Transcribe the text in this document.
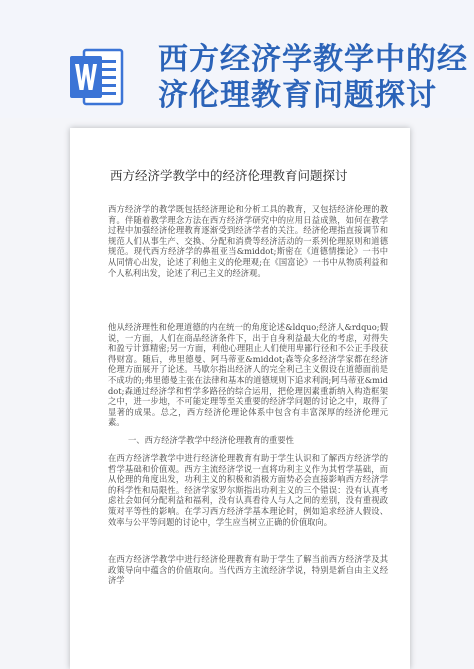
西方经济学教学中的经
济伦理教育问题探讨
西方经济学教学中的经济伦理教育问题探讨
西方经济学的教学既包括经济理论和分析工具的教育，又包括经济伦理的教育。伴随着教学理念方法在西方经济学研究中的应用日益成熟，如何在教学过程中加强经济伦理教育逐渐受到经济学者的关注。经济伦理指直接调节和规范人们从事生产、交换、分配和消费等经济活动的一系列伦理原则和道德规范。现代西方经济学的鼻祖亚当&middot;斯密在《道德情操论》一书中从同情心出发，论述了利他主义的伦理观;在《国富论》一书中从物质利益和个人私利出发，论述了利己主义的经济观。
他从经济理性和伦理道德的内在统一的角度论述&ldquo;经济人&rdquo;假说，一方面，人们在商品经济条件下，出于自身利益最大化的考虑，对得失和盈亏计算精密;另一方面，利他心理阻止人们使用卑鄙行径和不公正手段获得财富。随后，弗里德曼、阿马蒂亚&middot;森等众多经济学家都在经济伦理方面展开了论述。马歇尔指出经济人的完全利己主义假设在道德面前是不成功的;弗里德曼主张在法律和基本的道德规则下追求利润;阿马蒂亚&middot;森通过经济学和哲学多路径的综合运用，把伦理因素重新纳入构造框架之中，进一步地，不可能定理等至关重要的经济学问题的讨论之中，取得了显著的成果。总之，西方经济伦理论体系中包含有丰富深厚的经济伦理元素。
一、西方经济学教学中经济伦理教育的重要性
在西方经济学教学中进行经济伦理教育有助于学生认识和了解西方经济学的哲学基础和价值观。西方主流经济学说一直将功利主义作为其哲学基础，而从伦理的角度出发，功利主义的积极和消极方面势必会直接影响西方经济学的科学性和局限性。经济学家罗尔斯指出功利主义的三个错误：没有认真考虑社会如何分配利益和福利，没有认真看待人与人之间的差别，没有重视政策对平等性的影响。在学习西方经济学基本理论时，例如追求经济人假设、效率与公平等问题的讨论中，学生应当树立正确的价值取向。
在西方经济学教学中进行经济伦理教育有助于学生了解当前西方经济学及其政策导向中蕴含的价值取向。当代西方主流经济学说，特别是新自由主义经济学
